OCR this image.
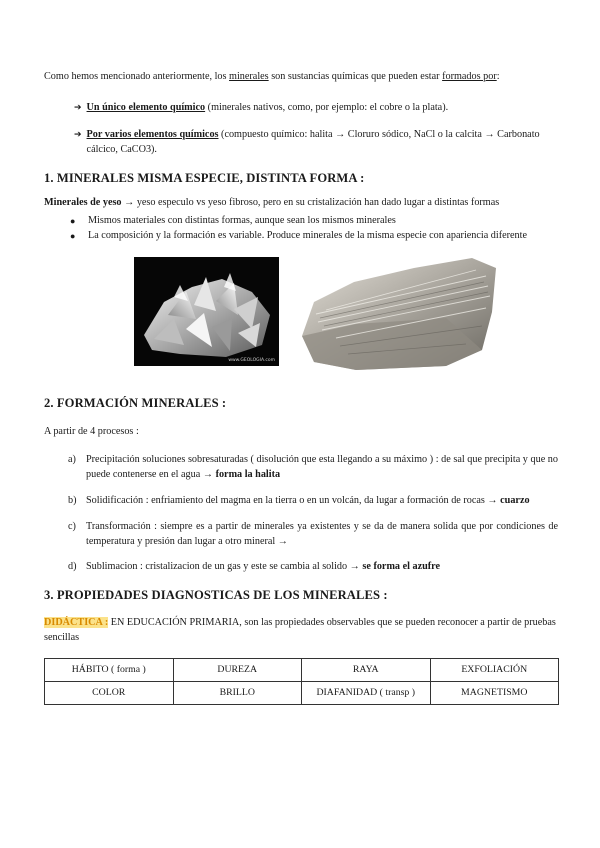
Como hemos mencionado anteriormente, los minerales son sustancias químicas que pueden estar formados por:

➔ Un único elemento químico (minerales nativos, como, por ejemplo: el cobre o la plata).

➔ Por varios elementos químicos (compuesto químico: halita → Cloruro sódico, NaCl o la calcita → Carbonato cálcico, CaCO3).

1. MINERALES MISMA ESPECIE, DISTINTA FORMA :

Minerales de yeso → yeso especulo vs yeso fibroso, pero en su cristalización han dado lugar a distintas formas

● Mismos materiales con distintas formas, aunque sean los mismos minerales
● La composición y la formación es variable. Produce minerales de la misma especie con apariencia diferente
www.GEOLOGIA.com
2. FORMACIÓN MINERALES :

A partir de 4 procesos :

a) Precipitación soluciones sobresaturadas ( disolución que esta llegando a su máximo ) : de sal que precipita y que no puede contenerse en el agua → forma la halita
b) Solidificación : enfriamiento del magma en la tierra o en un volcán, da lugar a formación de rocas → cuarzo
c) Transformación : siempre es a partir de minerales ya existentes y se da de manera solida que por condiciones de temperatura y presión dan lugar a otro mineral →
d) Sublimacion : cristalizacion de un gas y este se cambia al solido → se forma el azufre
3. PROPIEDADES DIAGNOSTICAS DE LOS MINERALES :

DIDÁCTICA : EN EDUCACIÓN PRIMARIA, son las propiedades observables que se pueden reconocer a partir de pruebas sencillas

HÁBITO ( forma )	DUREZA	RAYA	EXFOLIACIÓN
COLOR	BRILLO	DIAFANIDAD ( transp )	MAGNETISMO
